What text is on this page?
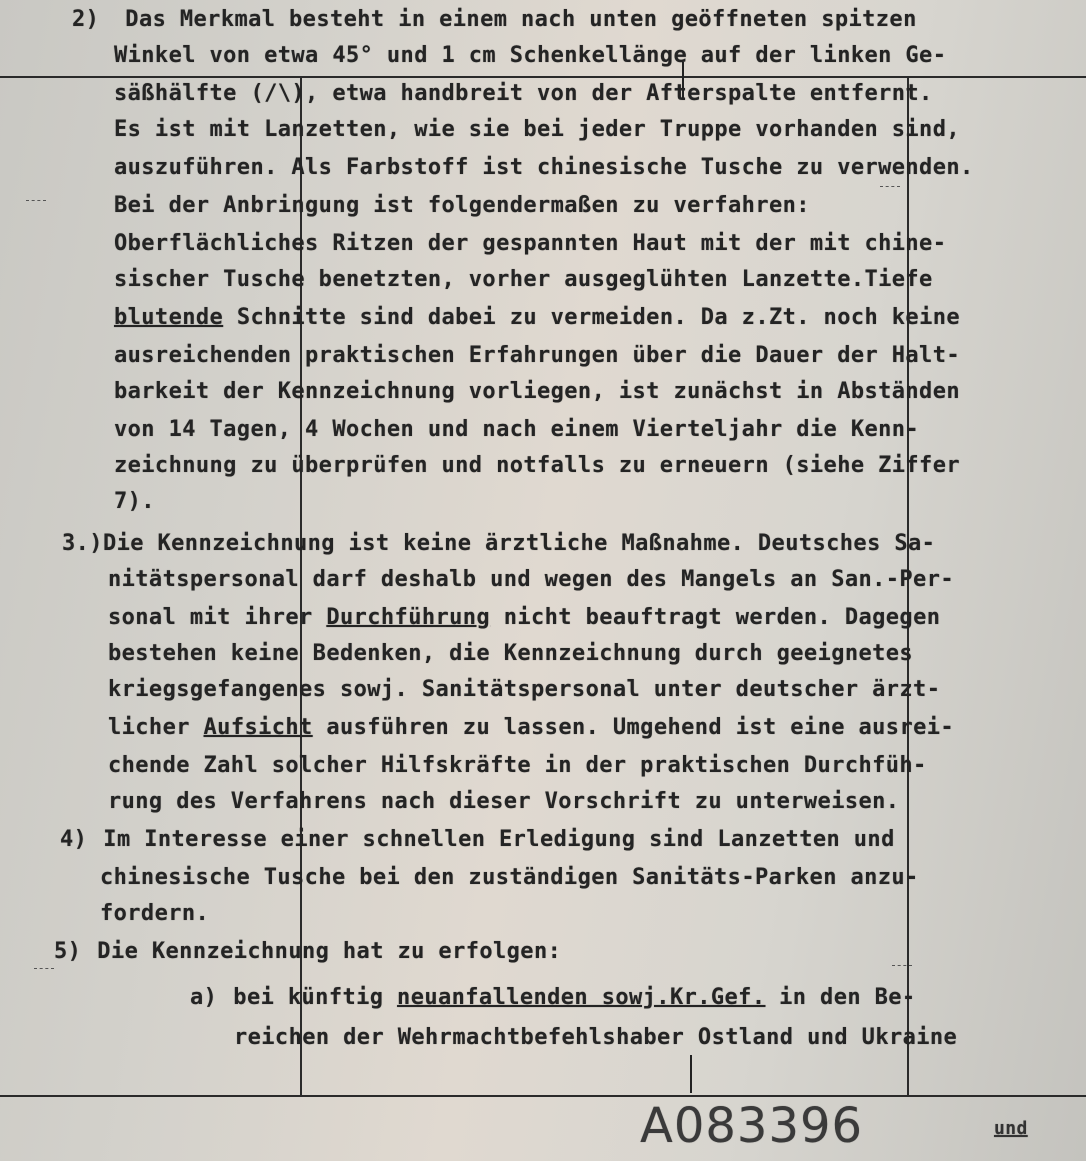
2) Das Merkmal besteht in einem nach unten geöffneten spitzen
Winkel von etwa 45° und 1 cm Schenkellänge auf der linken Ge-
säßhälfte (/\), etwa handbreit von der Afterspalte entfernt.
Es ist mit Lanzetten, wie sie bei jeder Truppe vorhanden sind,
auszuführen. Als Farbstoff ist chinesische Tusche zu verwenden.
Bei der Anbringung ist folgendermaßen zu verfahren:
Oberflächliches Ritzen der gespannten Haut mit der mit chine-
sischer Tusche benetzten, vorher ausgeglühten Lanzette.Tiefe
blutende Schnitte sind dabei zu vermeiden. Da z.Zt. noch keine
ausreichenden praktischen Erfahrungen über die Dauer der Halt-
barkeit der Kennzeichnung vorliegen, ist zunächst in Abständen
von 14 Tagen, 4 Wochen und nach einem Vierteljahr die Kenn-
zeichnung zu überprüfen und notfalls zu erneuern (siehe Ziffer
7).
3.)Die Kennzeichnung ist keine ärztliche Maßnahme. Deutsches Sa-
nitätspersonal darf deshalb und wegen des Mangels an San.-Per-
sonal mit ihrer Durchführung nicht beauftragt werden. Dagegen
bestehen keine Bedenken, die Kennzeichnung durch geeignetes
kriegsgefangenes sowj. Sanitätspersonal unter deutscher ärzt-
licher Aufsicht ausführen zu lassen. Umgehend ist eine ausrei-
chende Zahl solcher Hilfskräfte in der praktischen Durchfüh-
rung des Verfahrens nach dieser Vorschrift zu unterweisen.
4) Im Interesse einer schnellen Erledigung sind Lanzetten und
chinesische Tusche bei den zuständigen Sanitäts-Parken anzu-
fordern.
5) Die Kennzeichnung hat zu erfolgen:
a) bei künftig neuanfallenden sowj.Kr.Gef. in den Be-
reichen der Wehrmachtbefehlshaber Ostland und Ukraine
A083396	und
